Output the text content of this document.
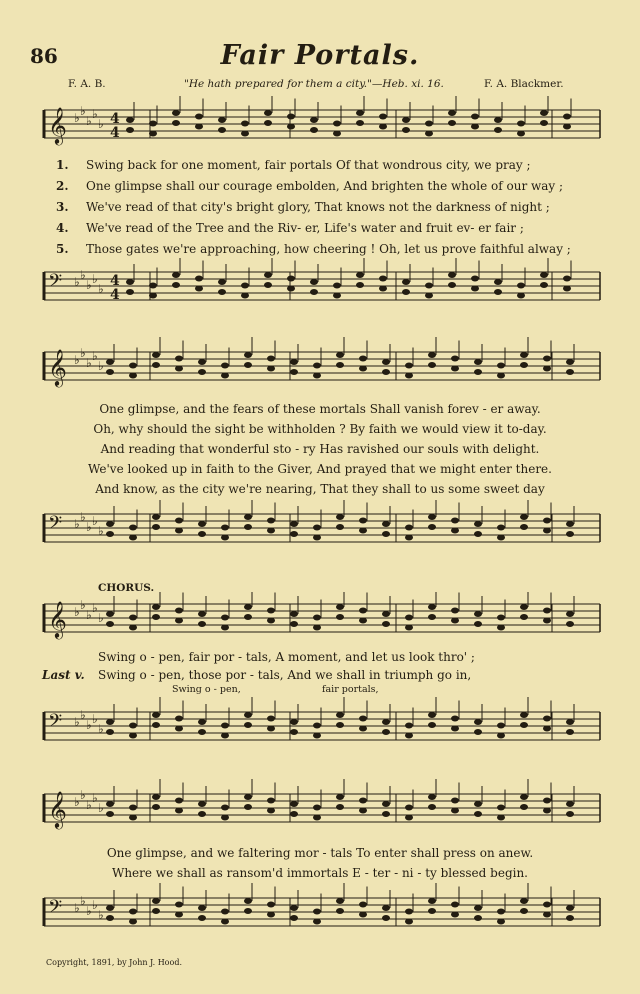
86	Fair Portals.
F. A. B.	"He hath prepared for them a city."—Heb. xi. 16.	F. A. Blackmer.
𝄞 ♭ ♭
♭ ♭
♭ 4
4
1. Swing back for one moment, fair portals Of that wondrous city, we pray ;
2. One glimpse shall our courage embolden, And brighten the whole of our way ;
3. We've read of that city's bright glory, That knows not the darkness of night ;
4. We've read of the Tree and the Riv- er, Life's water and fruit ev- er fair ;
5. Those gates we're approaching, how cheering ! Oh, let us prove faithful alway ;
𝄢 ♭ ♭
♭ ♭
♭ 4
4
𝄞 ♭ ♭
♭ ♭
♭
One glimpse, and the fears of these mortals Shall vanish forev - er away.
Oh, why should the sight be withholden ? By faith we would view it to-day.
And reading that wonderful sto - ry Has ravished our souls with delight.
We've looked up in faith to the Giver, And prayed that we might enter there.
And know, as the city we're nearing, That they shall to us some sweet day
𝄢 ♭ ♭
♭ ♭
♭
CHORUS.
𝄞 ♭ ♭
♭ ♭
♭
Swing o - pen, fair por - tals, A moment, and let us look thro' ;
Last v.	Swing o - pen, those por - tals, And we shall in triumph go in,
Swing o - pen,	fair portals,
𝄢 ♭ ♭
♭ ♭
♭
𝄞 ♭ ♭
♭ ♭
♭
One glimpse, and we faltering mor - tals To enter shall press on anew.
Where we shall as ransom'd immortals E - ter - ni - ty blessed begin.
𝄢 ♭ ♭
♭ ♭
♭
Copyright, 1891, by John J. Hood.
